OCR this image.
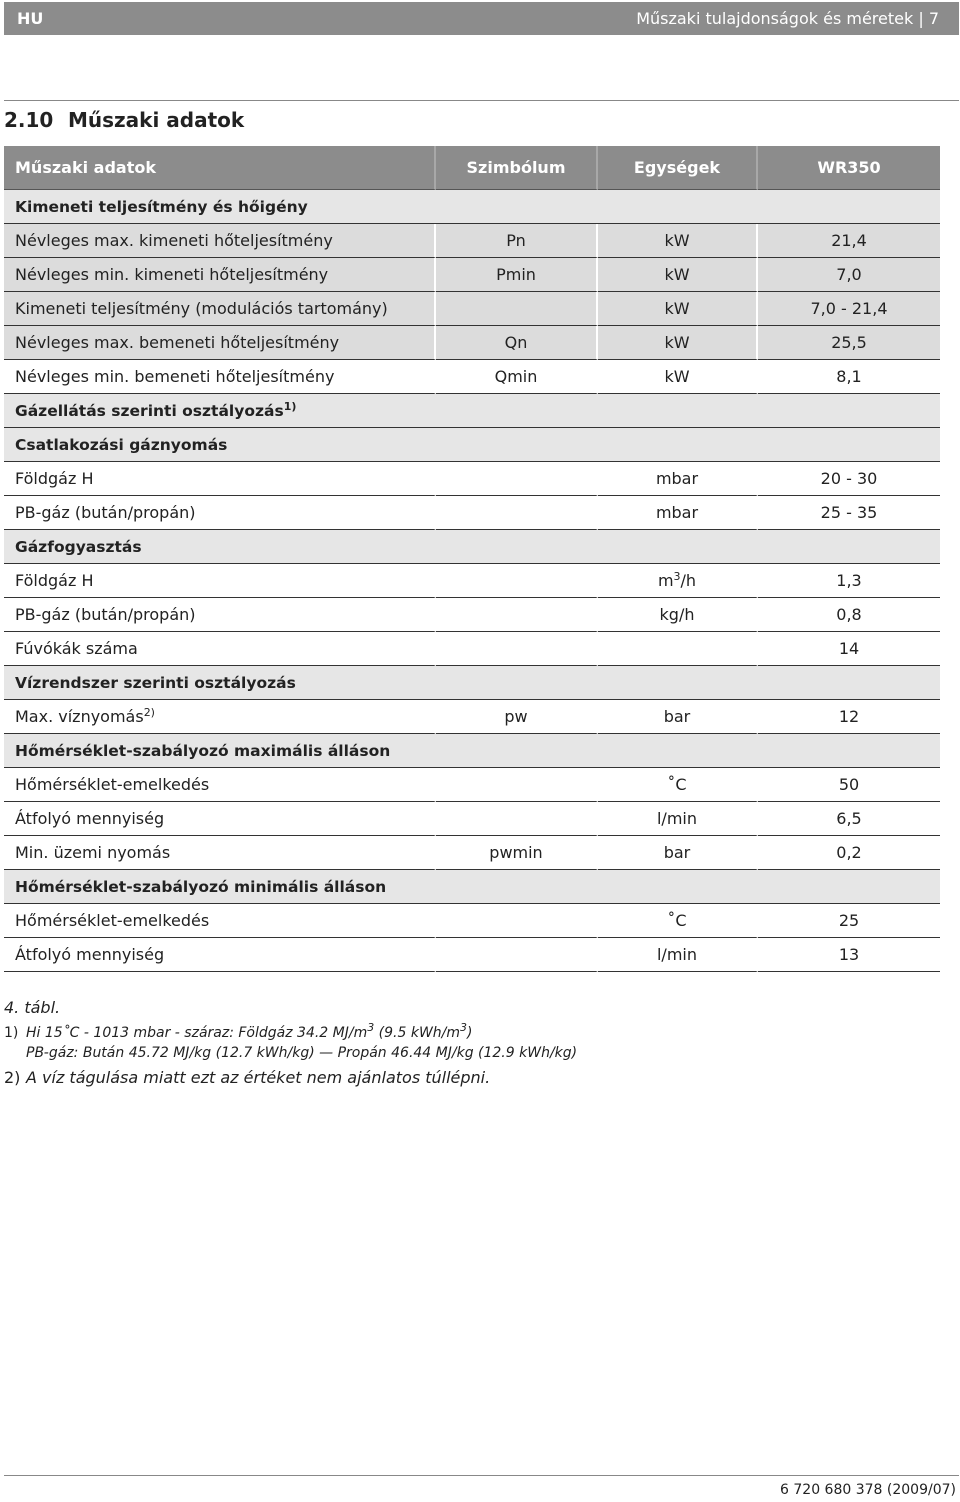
HU	Műszaki tulajdonságok és méretek | 7
2.10 Műszaki adatok
Műszaki adatok	Szimbólum	Egységek	WR350
Kimeneti teljesítmény és hőigény			
Névleges max. kimeneti hőteljesítmény	Pn	kW	21,4
Névleges min. kimeneti hőteljesítmény	Pmin	kW	7,0
Kimeneti teljesítmény (modulációs tartomány)		kW	7,0 - 21,4
Névleges max. bemeneti hőteljesítmény	Qn	kW	25,5
Névleges min. bemeneti hőteljesítmény	Qmin	kW	8,1
Gázellátás szerinti osztályozás$^{1)}$
Csatlakozási gáznyomás			
Földgáz H		mbar	20 - 30
PB-gáz (bután/propán)		mbar	25 - 35
Gázfogyasztás			
Földgáz H		$m^3/h$	1,3
PB-gáz (bután/propán)		kg/h	0,8
Fúvókák száma			14
Vízrendszer szerinti osztályozás			
Max. víznyomás$^{2)}$	pw	bar	12
Hőmérséklet-szabályozó maximális álláson			
Hőmérséklet-emelkedés		˚C	50
Átfolyó mennyiség		l/min	6,5
Min. üzemi nyomás	pwmin	bar	0,2
Hőmérséklet-szabályozó minimális álláson			
Hőmérséklet-emelkedés		˚C	25
Átfolyó mennyiség		l/min	13
4. tábl.
1) Hi 15˚C - 1013 mbar - száraz: Földgáz 34.2 $MJ/m^3$ (9.5 kWh/$m^3$)
PB-gáz: Bután 45.72 MJ/kg (12.7 kWh/kg) — Propán 46.44 MJ/kg (12.9 kWh/kg)
2) A víz tágulása miatt ezt az értéket nem ajánlatos túllépni.
6 720 680 378 (2009/07)
